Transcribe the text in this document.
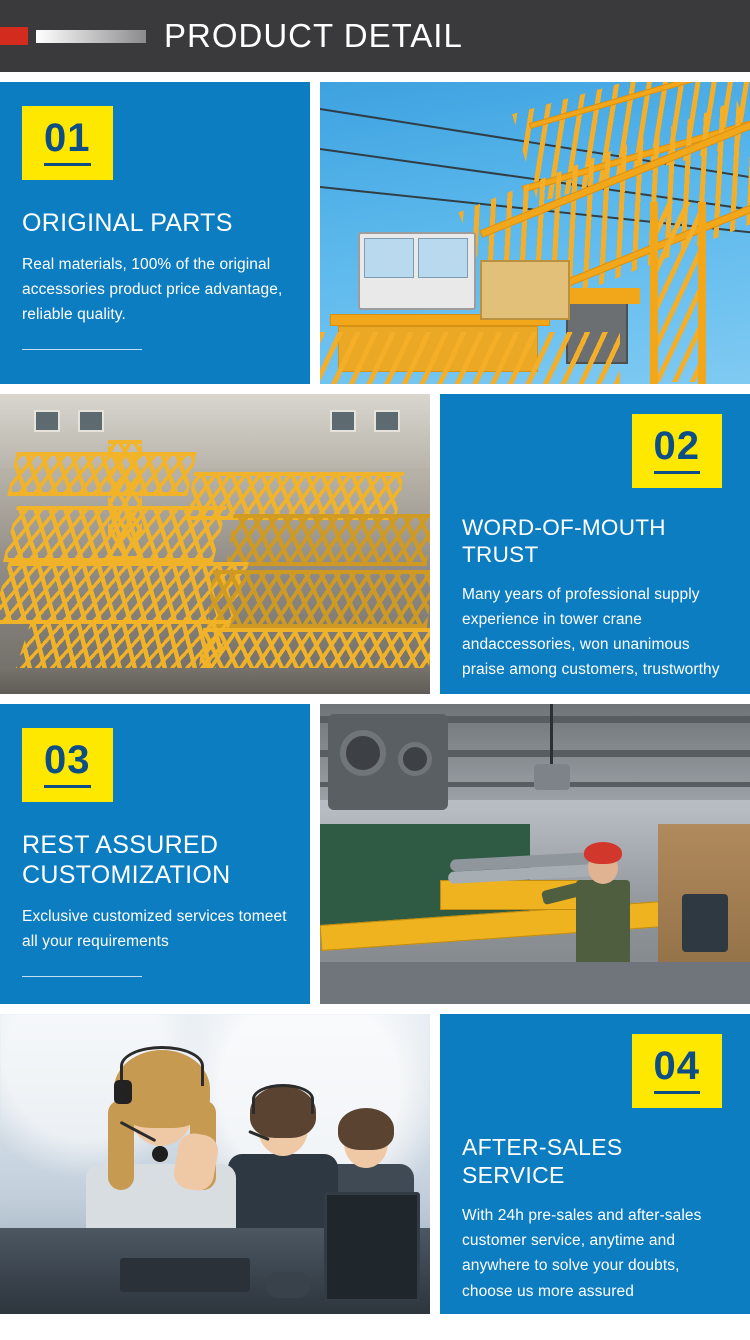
PRODUCT DETAIL
01
ORIGINAL PARTS
Real materials, 100% of the original accessories product price advantage, reliable quality.
02
WORD-OF-MOUTH TRUST
Many years of professional supply experience in tower crane andaccessories, won unanimous praise among customers, trustworthy
03
REST ASSURED CUSTOMIZATION
Exclusive customized services tomeet all your requirements
04
AFTER-SALES SERVICE
With 24h pre-sales and after-sales customer service, anytime and anywhere to solve your doubts, choose us more assured
